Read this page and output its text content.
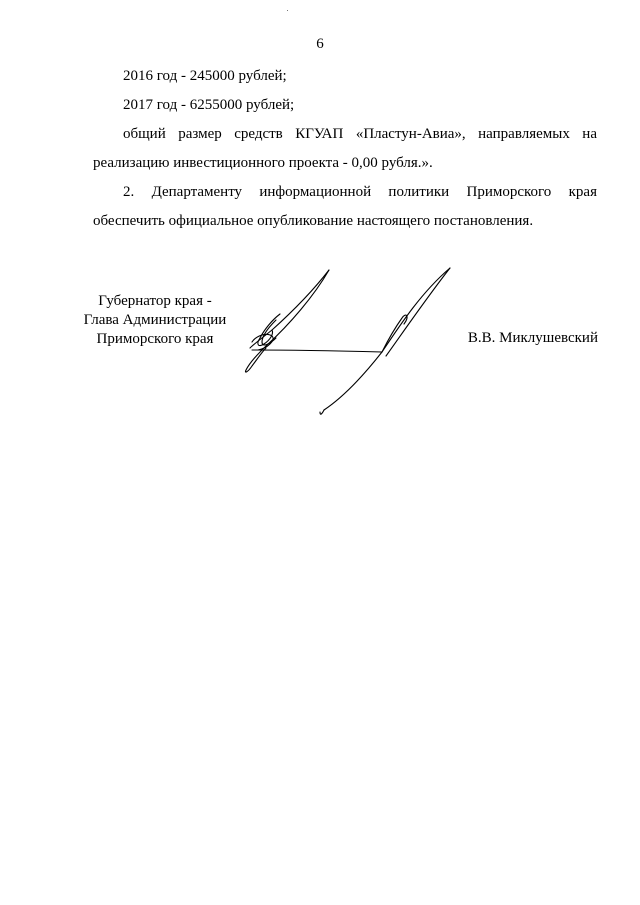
6
2016 год - 245000 рублей;
2017 год - 6255000 рублей;
общий размер средств КГУАП «Пластун-Авиа», направляемых на
реализацию инвестиционного проекта - 0,00 рубля.».
2. Департаменту информационной политики Приморского края
обеспечить официальное опубликование настоящего постановления.
Губернатор края -
Глава Администрации
Приморского края	В.В. Миклушевский
